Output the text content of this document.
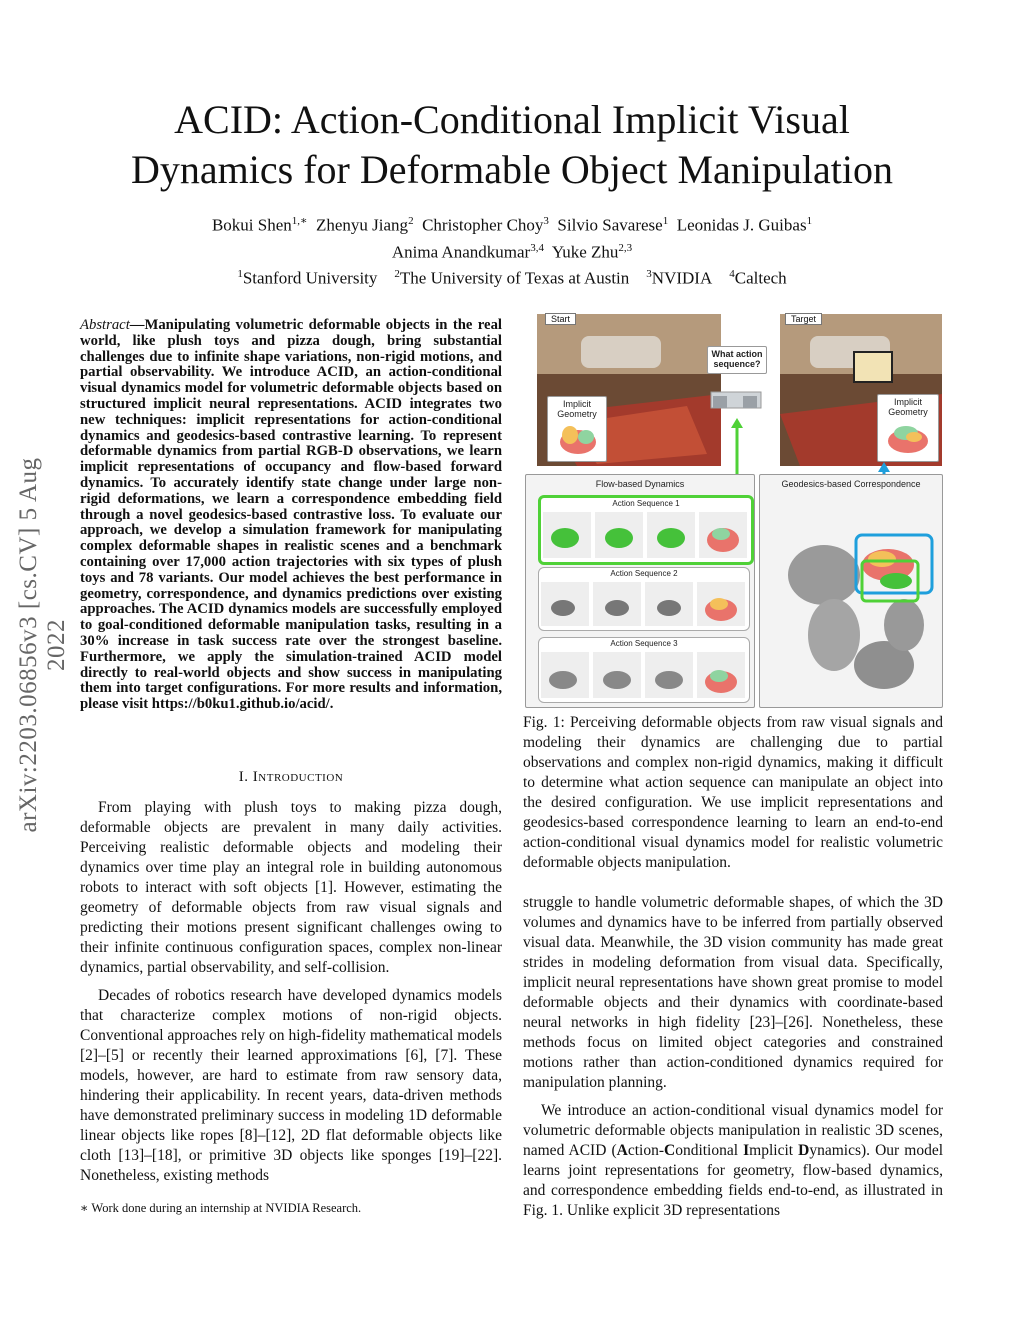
arXiv:2203.06856v3 [cs.CV] 5 Aug 2022
ACID: Action-Conditional Implicit Visual
Dynamics for Deformable Object Manipulation
Bokui Shen$^{1,∗}$ Zhenyu Jiang$^2$ Christopher Choy$^3$ Silvio Savarese$^1$ Leonidas J. Guibas$^1$
Anima Anandkumar$^{3,4}$ Yuke Zhu$^{2,3}$
$^1$Stanford University $^2$The University of Texas at Austin $^3$NVIDIA $^4$Caltech
Abstract—Manipulating volumetric deformable objects in the real world, like plush toys and pizza dough, bring substantial challenges due to infinite shape variations, non-rigid motions, and partial observability. We introduce ACID, an action-conditional visual dynamics model for volumetric deformable objects based on structured implicit neural representations. ACID integrates two new techniques: implicit representations for action-conditional dynamics and geodesics-based contrastive learning. To represent deformable dynamics from partial RGB-D observations, we learn implicit representations of occupancy and flow-based forward dynamics. To accurately identify state change under large non-rigid deformations, we learn a correspondence embedding field through a novel geodesics-based contrastive loss. To evaluate our approach, we develop a simulation framework for manipulating complex deformable shapes in realistic scenes and a benchmark containing over 17,000 action trajectories with six types of plush toys and 78 variants. Our model achieves the best performance in geometry, correspondence, and dynamics predictions over existing approaches. The ACID dynamics models are successfully employed to goal-conditioned deformable manipulation tasks, resulting in a 30% increase in task success rate over the strongest baseline. Furthermore, we apply the simulation-trained ACID model directly to real-world objects and show success in manipulating them into target configurations. For more results and information, please visit https://b0ku1.github.io/acid/.
I. Introduction

From playing with plush toys to making pizza dough, deformable objects are prevalent in many daily activities. Perceiving realistic deformable objects and modeling their dynamics over time play an integral role in building autonomous robots to interact with soft objects [1]. However, estimating the geometry of deformable objects from raw visual signals and predicting their motions present significant challenges owing to their infinite continuous configuration spaces, complex non-linear dynamics, partial observability, and self-collision.

Decades of robotics research have developed dynamics models that characterize complex motions of non-rigid objects. Conventional approaches rely on high-fidelity mathematical models [2]–[5] or recently their learned approximations [6], [7]. These models, however, are hard to estimate from raw sensory data, hindering their applicability. In recent years, data-driven methods have demonstrated preliminary success in modeling 1D deformable linear objects like ropes [8]–[12], 2D flat deformable objects like cloth [13]–[18], or primitive 3D objects like sponges [19]–[22]. Nonetheless, existing methods

∗ Work done during an internship at NVIDIA Research.
Start
Implicit Geometry
What action sequence?
Target
Implicit Geometry
Flow-based Dynamics
Action Sequence 1
Action Sequence 2
Action Sequence 3
Geodesics-based Correspondence
Fig. 1: Perceiving deformable objects from raw visual signals and modeling their dynamics are challenging due to partial observations and complex non-rigid dynamics, making it difficult to determine what action sequence can manipulate an object into the desired configuration. We use implicit representations and geodesics-based correspondence learning to learn an end-to-end action-conditional visual dynamics model for realistic volumetric deformable objects manipulation.

struggle to handle volumetric deformable shapes, of which the 3D volumes and dynamics have to be inferred from partially observed visual data. Meanwhile, the 3D vision community has made great strides in modeling deformation from visual data. Specifically, implicit neural representations have shown great promise to model deformable objects and their dynamics with coordinate-based neural networks in high fidelity [23]–[26]. Nonetheless, these methods focus on limited object categories and constrained motions rather than action-conditioned dynamics required for manipulation planning.

We introduce an action-conditional visual dynamics model for volumetric deformable objects manipulation in realistic 3D scenes, named ACID (Action-Conditional Implicit Dynamics). Our model learns joint representations for geometry, flow-based dynamics, and correspondence embedding fields end-to-end, as illustrated in Fig. 1. Unlike explicit 3D representations
